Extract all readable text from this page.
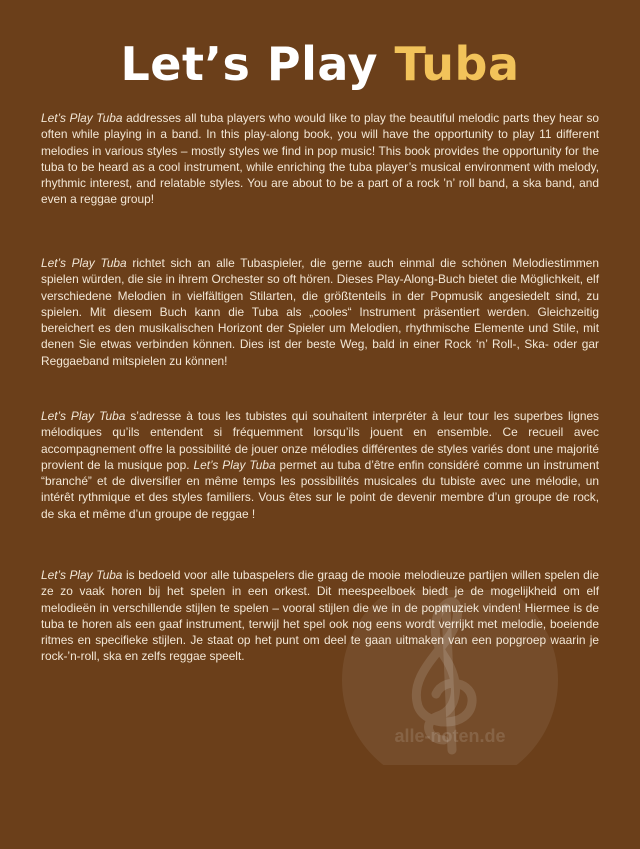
Let’s Play Tuba

Let’s Play Tuba addresses all tuba players who would like to play the beautiful melodic parts they hear so often while playing in a band. In this play-along book, you will have the opportunity to play 11 different melodies in various styles – mostly styles we find in pop music! This book provides the opportunity for the tuba to be heard as a cool instrument, while enriching the tuba player’s musical environment with melody, rhythmic interest, and relatable styles. You are about to be a part of a rock ’n’ roll band, a ska band, and even a reggae group!

Let’s Play Tuba richtet sich an alle Tubaspieler, die gerne auch einmal die schönen Melodiestimmen spielen würden, die sie in ihrem Orchester so oft hören. Dieses Play-Along-Buch bietet die Möglichkeit, elf verschiedene Melodien in vielfältigen Stilarten, die größtenteils in der Popmusik angesiedelt sind, zu spielen. Mit diesem Buch kann die Tuba als „cooles“ Instrument präsentiert werden. Gleichzeitig bereichert es den musikalischen Horizont der Spieler um Melodien, rhythmische Elemente und Stile, mit denen Sie etwas verbinden können. Dies ist der beste Weg, bald in einer Rock ‘n’ Roll-, Ska- oder gar Reggaeband mitspielen zu können!

Let’s Play Tuba s’adresse à tous les tubistes qui souhaitent interpréter à leur tour les superbes lignes mélodiques qu’ils entendent si fréquemment lorsqu’ils jouent en ensemble. Ce recueil avec accompagnement offre la possibilité de jouer onze mélodies différentes de styles variés dont une majorité provient de la musique pop. Let’s Play Tuba permet au tuba d’être enfin considéré comme un instrument “branché” et de diversifier en même temps les possibilités musicales du tubiste avec une mélodie, un intérêt rythmique et des styles familiers. Vous êtes sur le point de devenir membre d’un groupe de rock, de ska et même d’un groupe de reggae !

Let’s Play Tuba is bedoeld voor alle tubaspelers die graag de mooie melodieuze partijen willen spelen die ze zo vaak horen bij het spelen in een orkest. Dit meespeelboek biedt je de mogelijkheid om elf melodieën in verschillende stijlen te spelen – vooral stijlen die we in de popmuziek vinden! Hiermee is de tuba te horen als een gaaf instrument, terwijl het spel ook nog eens wordt verrijkt met melodie, boeiende ritmes en specifieke stijlen. Je staat op het punt om deel te gaan uitmaken van een popgroep waarin je rock-’n-roll, ska en zelfs reggae speelt.

alle-noten.de
